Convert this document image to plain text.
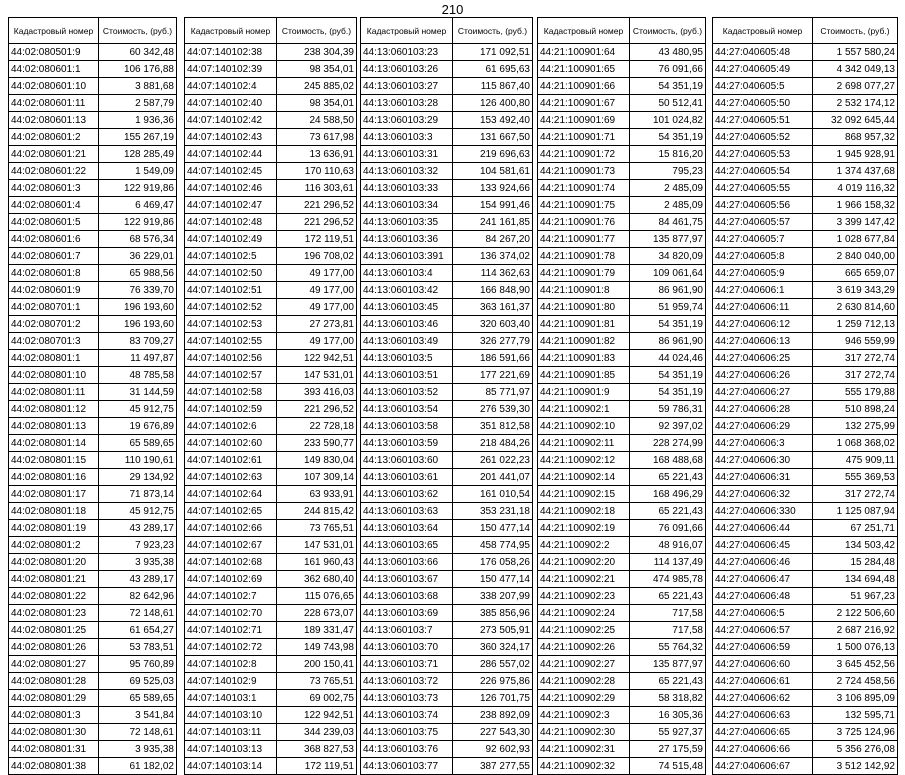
210
Кадастровый номер	Стоимость, (руб.)
44:02:080501:9	60 342,48
44:02:080601:1	106 176,88
44:02:080601:10	3 881,68
44:02:080601:11	2 587,79
44:02:080601:13	1 936,36
44:02:080601:2	155 267,19
44:02:080601:21	128 285,49
44:02:080601:22	1 549,09
44:02:080601:3	122 919,86
44:02:080601:4	6 469,47
44:02:080601:5	122 919,86
44:02:080601:6	68 576,34
44:02:080601:7	36 229,01
44:02:080601:8	65 988,56
44:02:080601:9	76 339,70
44:02:080701:1	196 193,60
44:02:080701:2	196 193,60
44:02:080701:3	83 709,27
44:02:080801:1	11 497,87
44:02:080801:10	48 785,58
44:02:080801:11	31 144,59
44:02:080801:12	45 912,75
44:02:080801:13	19 676,89
44:02:080801:14	65 589,65
44:02:080801:15	110 190,61
44:02:080801:16	29 134,92
44:02:080801:17	71 873,14
44:02:080801:18	45 912,75
44:02:080801:19	43 289,17
44:02:080801:2	7 923,23
44:02:080801:20	3 935,38
44:02:080801:21	43 289,17
44:02:080801:22	82 642,96
44:02:080801:23	72 148,61
44:02:080801:25	61 654,27
44:02:080801:26	53 783,51
44:02:080801:27	95 760,89
44:02:080801:28	69 525,03
44:02:080801:29	65 589,65
44:02:080801:3	3 541,84
44:02:080801:30	72 148,61
44:02:080801:31	3 935,38
44:02:080801:38	61 182,02
Кадастровый номер	Стоимость, (руб.)
44:07:140102:38	238 304,39
44:07:140102:39	98 354,01
44:07:140102:4	245 885,02
44:07:140102:40	98 354,01
44:07:140102:42	24 588,50
44:07:140102:43	73 617,98
44:07:140102:44	13 636,91
44:07:140102:45	170 110,63
44:07:140102:46	116 303,61
44:07:140102:47	221 296,52
44:07:140102:48	221 296,52
44:07:140102:49	172 119,51
44:07:140102:5	196 708,02
44:07:140102:50	49 177,00
44:07:140102:51	49 177,00
44:07:140102:52	49 177,00
44:07:140102:53	27 273,81
44:07:140102:55	49 177,00
44:07:140102:56	122 942,51
44:07:140102:57	147 531,01
44:07:140102:58	393 416,03
44:07:140102:59	221 296,52
44:07:140102:6	22 728,18
44:07:140102:60	233 590,77
44:07:140102:61	149 830,04
44:07:140102:63	107 309,14
44:07:140102:64	63 933,91
44:07:140102:65	244 815,42
44:07:140102:66	73 765,51
44:07:140102:67	147 531,01
44:07:140102:68	161 960,43
44:07:140102:69	362 680,40
44:07:140102:7	115 076,65
44:07:140102:70	228 673,07
44:07:140102:71	189 331,47
44:07:140102:72	149 743,98
44:07:140102:8	200 150,41
44:07:140102:9	73 765,51
44:07:140103:1	69 002,75
44:07:140103:10	122 942,51
44:07:140103:11	344 239,03
44:07:140103:13	368 827,53
44:07:140103:14	172 119,51
Кадастровый номер	Стоимость, (руб.)
44:13:060103:23	171 092,51
44:13:060103:26	61 695,63
44:13:060103:27	115 867,40
44:13:060103:28	126 400,80
44:13:060103:29	153 492,40
44:13:060103:3	131 667,50
44:13:060103:31	219 696,63
44:13:060103:32	104 581,61
44:13:060103:33	133 924,66
44:13:060103:34	154 991,46
44:13:060103:35	241 161,85
44:13:060103:36	84 267,20
44:13:060103:391	136 374,02
44:13:060103:4	114 362,63
44:13:060103:42	166 848,90
44:13:060103:45	363 161,37
44:13:060103:46	320 603,40
44:13:060103:49	326 277,79
44:13:060103:5	186 591,66
44:13:060103:51	177 221,69
44:13:060103:52	85 771,97
44:13:060103:54	276 539,30
44:13:060103:58	351 812,58
44:13:060103:59	218 484,26
44:13:060103:60	261 022,23
44:13:060103:61	201 441,07
44:13:060103:62	161 010,54
44:13:060103:63	353 231,18
44:13:060103:64	150 477,14
44:13:060103:65	458 774,95
44:13:060103:66	176 058,26
44:13:060103:67	150 477,14
44:13:060103:68	338 207,99
44:13:060103:69	385 856,96
44:13:060103:7	273 505,91
44:13:060103:70	360 324,17
44:13:060103:71	286 557,02
44:13:060103:72	226 975,86
44:13:060103:73	126 701,75
44:13:060103:74	238 892,09
44:13:060103:75	227 543,30
44:13:060103:76	92 602,93
44:13:060103:77	387 277,55
Кадастровый номер	Стоимость, (руб.)
44:21:100901:64	43 480,95
44:21:100901:65	76 091,66
44:21:100901:66	54 351,19
44:21:100901:67	50 512,41
44:21:100901:69	101 024,82
44:21:100901:71	54 351,19
44:21:100901:72	15 816,20
44:21:100901:73	795,23
44:21:100901:74	2 485,09
44:21:100901:75	2 485,09
44:21:100901:76	84 461,75
44:21:100901:77	135 877,97
44:21:100901:78	34 820,09
44:21:100901:79	109 061,64
44:21:100901:8	86 961,90
44:21:100901:80	51 959,74
44:21:100901:81	54 351,19
44:21:100901:82	86 961,90
44:21:100901:83	44 024,46
44:21:100901:85	54 351,19
44:21:100901:9	54 351,19
44:21:100902:1	59 786,31
44:21:100902:10	92 397,02
44:21:100902:11	228 274,99
44:21:100902:12	168 488,68
44:21:100902:14	65 221,43
44:21:100902:15	168 496,29
44:21:100902:18	65 221,43
44:21:100902:19	76 091,66
44:21:100902:2	48 916,07
44:21:100902:20	114 137,49
44:21:100902:21	474 985,78
44:21:100902:23	65 221,43
44:21:100902:24	717,58
44:21:100902:25	717,58
44:21:100902:26	55 764,32
44:21:100902:27	135 877,97
44:21:100902:28	65 221,43
44:21:100902:29	58 318,82
44:21:100902:3	16 305,36
44:21:100902:30	55 927,37
44:21:100902:31	27 175,59
44:21:100902:32	74 515,48
Кадастровый номер	Стоимость, (руб.)
44:27:040605:48	1 557 580,24
44:27:040605:49	4 342 049,13
44:27:040605:5	2 698 077,27
44:27:040605:50	2 532 174,12
44:27:040605:51	32 092 645,44
44:27:040605:52	868 957,32
44:27:040605:53	1 945 928,91
44:27:040605:54	1 374 437,68
44:27:040605:55	4 019 116,32
44:27:040605:56	1 966 158,32
44:27:040605:57	3 399 147,42
44:27:040605:7	1 028 677,84
44:27:040605:8	2 840 040,00
44:27:040605:9	665 659,07
44:27:040606:1	3 619 343,29
44:27:040606:11	2 630 814,60
44:27:040606:12	1 259 712,13
44:27:040606:13	946 559,99
44:27:040606:25	317 272,74
44:27:040606:26	317 272,74
44:27:040606:27	555 179,88
44:27:040606:28	510 898,24
44:27:040606:29	132 275,99
44:27:040606:3	1 068 368,02
44:27:040606:30	475 909,11
44:27:040606:31	555 369,53
44:27:040606:32	317 272,74
44:27:040606:330	1 125 087,94
44:27:040606:44	67 251,71
44:27:040606:45	134 503,42
44:27:040606:46	15 284,48
44:27:040606:47	134 694,48
44:27:040606:48	51 967,23
44:27:040606:5	2 122 506,60
44:27:040606:57	2 687 216,92
44:27:040606:59	1 500 076,13
44:27:040606:60	3 645 452,56
44:27:040606:61	2 724 458,56
44:27:040606:62	3 106 895,09
44:27:040606:63	132 595,71
44:27:040606:65	3 725 124,96
44:27:040606:66	5 356 276,08
44:27:040606:67	3 512 142,92
